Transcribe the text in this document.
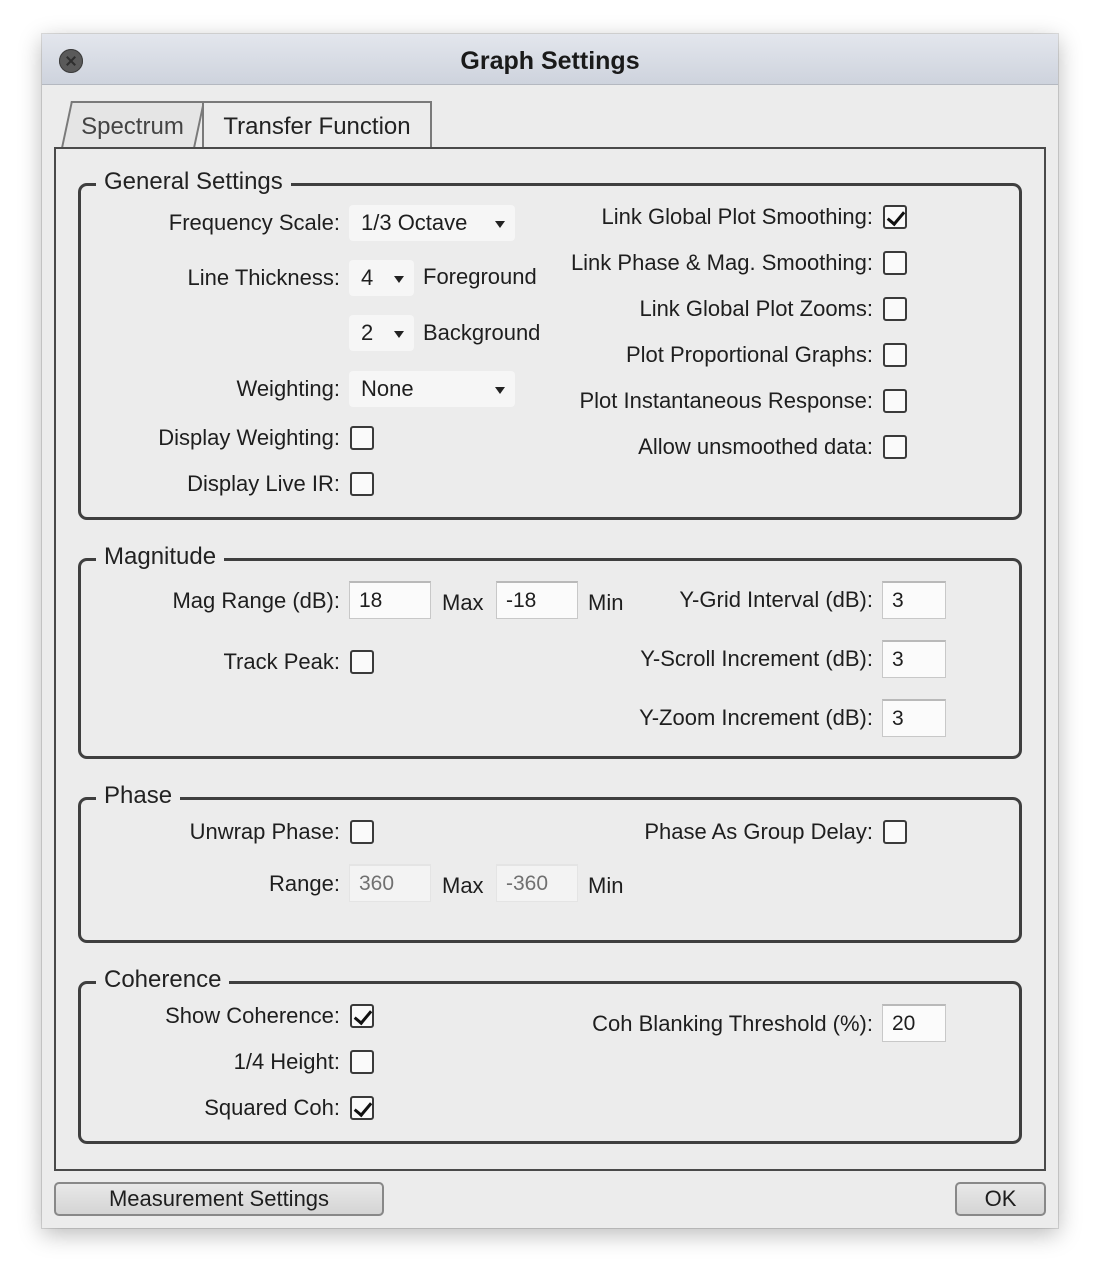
Graph Settings
Spectrum	Transfer Function
General Settings
Frequency Scale: 1/3 Octave
Line Thickness: 4	Foreground
2	Background
Weighting: None
Display Weighting:
Display Live IR:
Link Global Plot Smoothing:
Link Phase & Mag. Smoothing:
Link Global Plot Zooms:
Plot Proportional Graphs:
Plot Instantaneous Response:
Allow unsmoothed data:
Magnitude
Mag Range (dB): 18	Max	-18	Min
Track Peak:
Y-Grid Interval (dB): 3
Y-Scroll Increment (dB): 3
Y-Zoom Increment (dB): 3
Phase
Unwrap Phase:	Phase As Group Delay:
Range: 360	Max	-360	Min
Coherence
Show Coherence:
1/4 Height:
Squared Coh:
Coh Blanking Threshold (%): 20
Measurement Settings	OK
